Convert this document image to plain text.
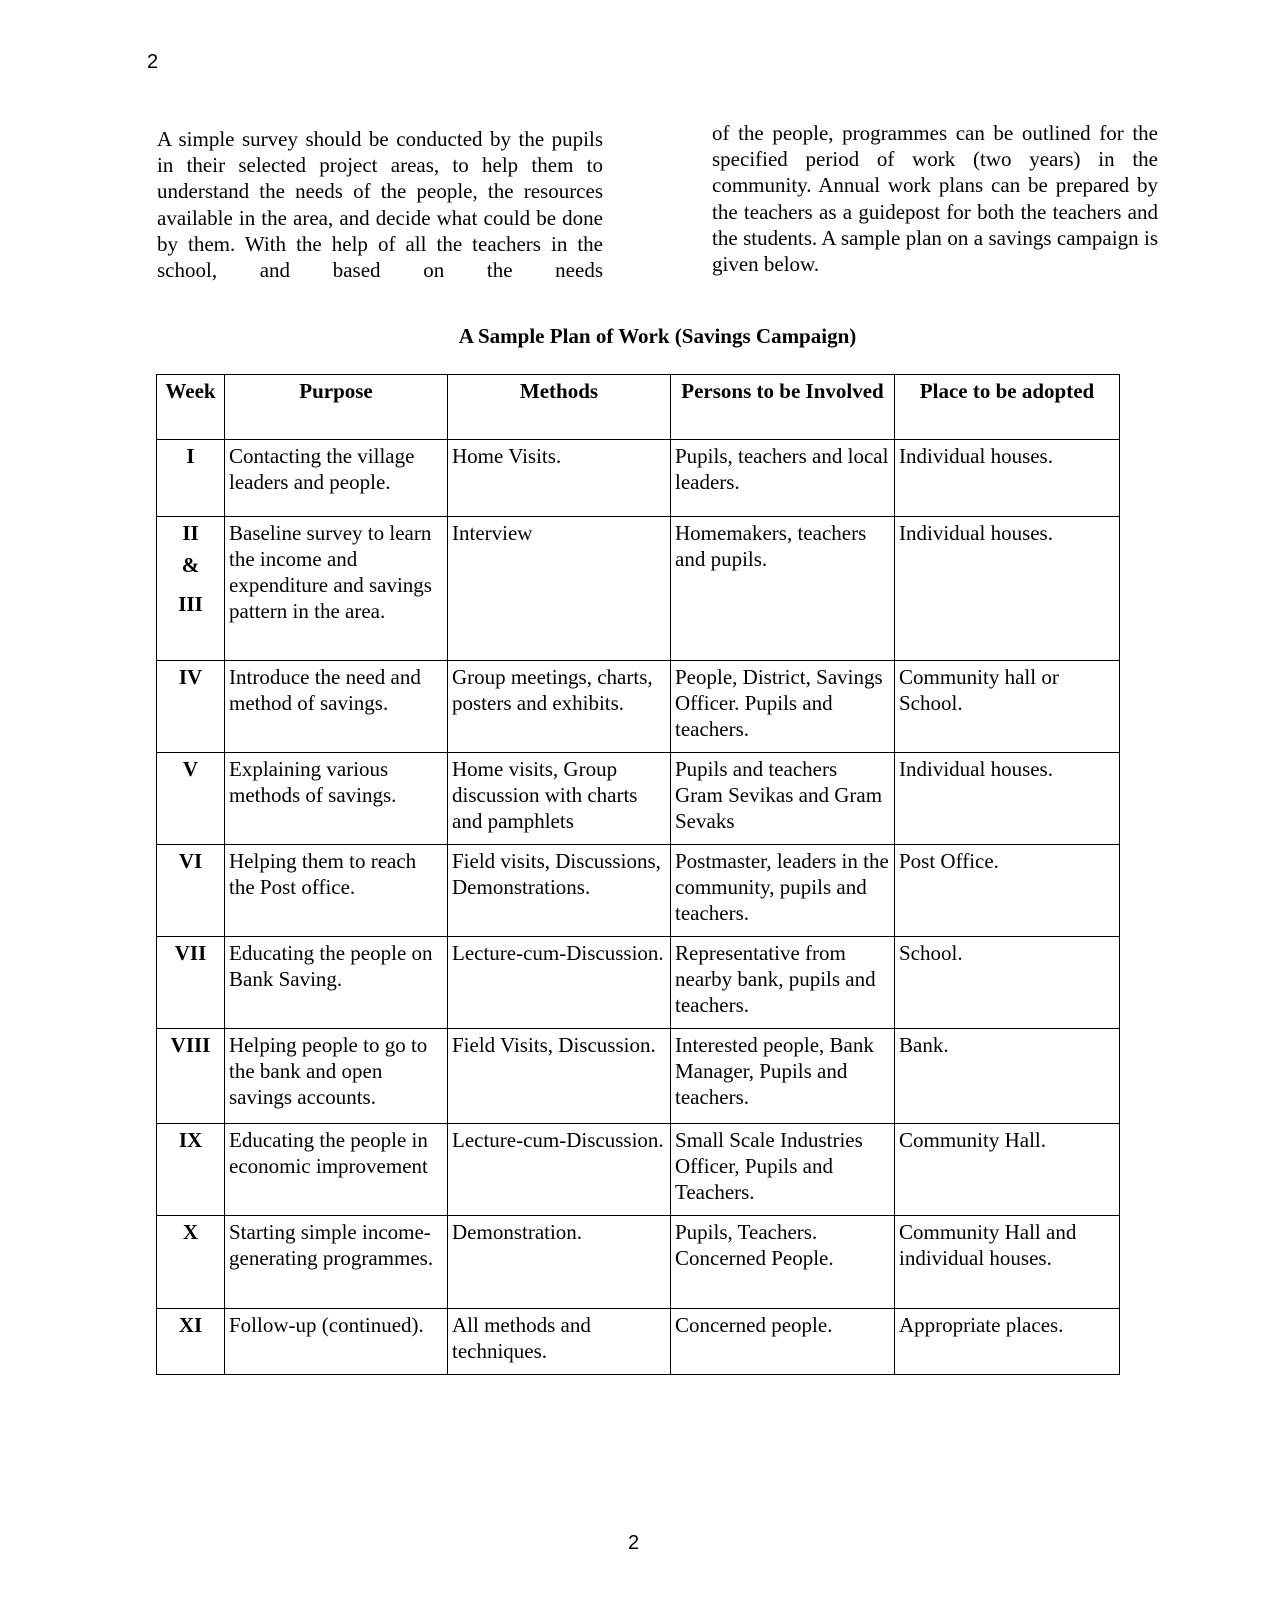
2
A simple survey should be conducted by the pupils in their selected project areas, to help them to understand the needs of the people, the resources available in the area, and decide what could be done by them. With the help of all the teachers in the school, and based on the needs
of the people, programmes can be outlined for the specified period of work (two years) in the community. Annual work plans can be prepared by the teachers as a guidepost for both the teachers and the students. A sample plan on a savings campaign is given below.
A Sample Plan of Work (Savings Campaign)
Week	Purpose	Methods	Persons to be Involved	Place to be adopted
I	Contacting the village leaders and people.	Home Visits.	Pupils, teachers and local leaders.	Individual houses.

II
&
III	Baseline survey to learn the income and expenditure and savings pattern in the area.	Interview	Homemakers, teachers and pupils.	Individual houses.
IV	Introduce the need and method of savings.	Group meetings, charts, posters and exhibits.	People, District, Savings Officer. Pupils and teachers.	Community hall or School.
V	Explaining various methods of savings.	Home visits, Group discussion with charts and pamphlets	Pupils and teachers Gram Sevikas and Gram Sevaks	Individual houses.
VI	Helping them to reach the Post office.	Field visits, Discussions, Demonstrations.	Postmaster, leaders in the community, pupils and teachers.	Post Office.
VII	Educating the people on Bank Saving.	Lecture-cum-Discussion.	Representative from nearby bank, pupils and teachers.	School.
VIII	Helping people to go to the bank and open savings accounts.	Field Visits, Discussion.	Interested people, Bank Manager, Pupils and teachers.	Bank.
IX	Educating the people in economic improvement	Lecture-cum-Discussion.	Small Scale Industries Officer, Pupils and Teachers.	Community Hall.
X	Starting simple income-generating programmes.	Demonstration.	Pupils, Teachers. Concerned People.	Community Hall and individual houses.
XI	Follow-up (continued).	All methods and techniques.	Concerned people.	Appropriate places.
2
